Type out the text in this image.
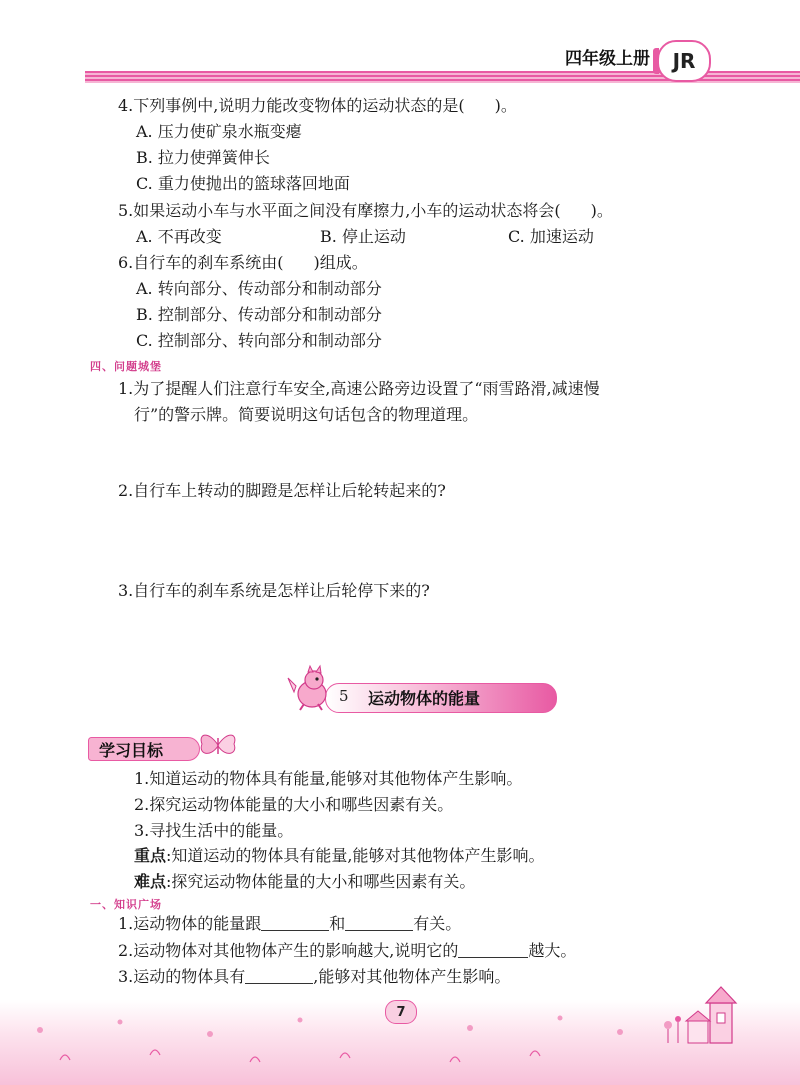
四年级上册	JR
4.下列事例中,说明力能改变物体的运动状态的是( )。
A. 压力使矿泉水瓶变瘪
B. 拉力使弹簧伸长
C. 重力使抛出的篮球落回地面
5.如果运动小车与水平面之间没有摩擦力,小车的运动状态将会( )。
A. 不再改变	B. 停止运动	C. 加速运动
6.自行车的刹车系统由( )组成。
A. 转向部分、传动部分和制动部分
B. 控制部分、传动部分和制动部分
C. 控制部分、转向部分和制动部分
四、问题城堡
1.为了提醒人们注意行车安全,高速公路旁边设置了“雨雪路滑,减速慢
行”的警示牌。简要说明这句话包含的物理道理。
2.自行车上转动的脚蹬是怎样让后轮转起来的?
3.自行车的刹车系统是怎样让后轮停下来的?
5 运动物体的能量
学习目标
1.知道运动的物体具有能量,能够对其他物体产生影响。
2.探究运动物体能量的大小和哪些因素有关。
3.寻找生活中的能量。
重点:知道运动的物体具有能量,能够对其他物体产生影响。
难点:探究运动物体能量的大小和哪些因素有关。
一、知识广场
1.运动物体的能量跟	和	有关。
2.运动物体对其他物体产生的影响越大,说明它的	越大。
3.运动的物体具有	,能够对其他物体产生影响。
7
